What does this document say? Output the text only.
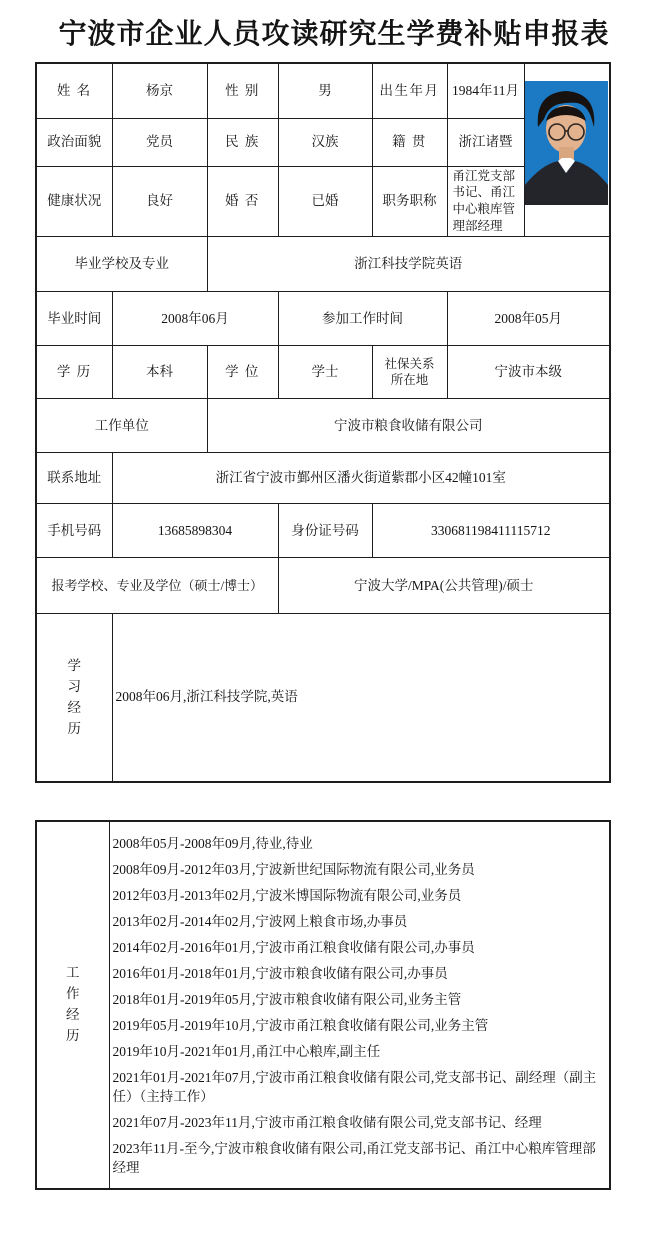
宁波市企业人员攻读研究生学费补贴申报表
姓 名	杨京	性 别	男	出生年月	1984年11月	

政治面貌	党员	民 族	汉族	籍 贯	浙江诸暨	
健康状况	良好	婚 否	已婚	职务职称	甬江党支部书记、甬江中心粮库管理部经理	
毕业学校及专业		浙江科技学院英语				
毕业时间	2008年06月		参加工作时间		2008年05月	
学 历	本科	学 位	学士	社保关系所在地	宁波市本级	
工作单位		宁波市粮食收储有限公司				
联系地址	浙江省宁波市鄞州区潘火街道紫郡小区42幢101室					
手机号码	13685898304		身份证号码	330681198411115712		
报考学校、专业及学位（硕士/博士）			宁波大学/MPA(公共管理)/硕士			
学习经历	2008年06月,浙江科技学院,英语					
工作经历	
2008年05月-2008年09月,待业,待业
2008年09月-2012年03月,宁波新世纪国际物流有限公司,业务员
2012年03月-2013年02月,宁波米博国际物流有限公司,业务员
2013年02月-2014年02月,宁波网上粮食市场,办事员
2014年02月-2016年01月,宁波市甬江粮食收储有限公司,办事员
2016年01月-2018年01月,宁波市粮食收储有限公司,办事员
2018年01月-2019年05月,宁波市粮食收储有限公司,业务主管
2019年05月-2019年10月,宁波市甬江粮食收储有限公司,业务主管
2019年10月-2021年01月,甬江中心粮库,副主任
2021年01月-2021年07月,宁波市甬江粮食收储有限公司,党支部书记、副经理（副主任）（主持工作）
2021年07月-2023年11月,宁波市甬江粮食收储有限公司,党支部书记、经理
2023年11月-至今,宁波市粮食收储有限公司,甬江党支部书记、甬江中心粮库管理部经理
